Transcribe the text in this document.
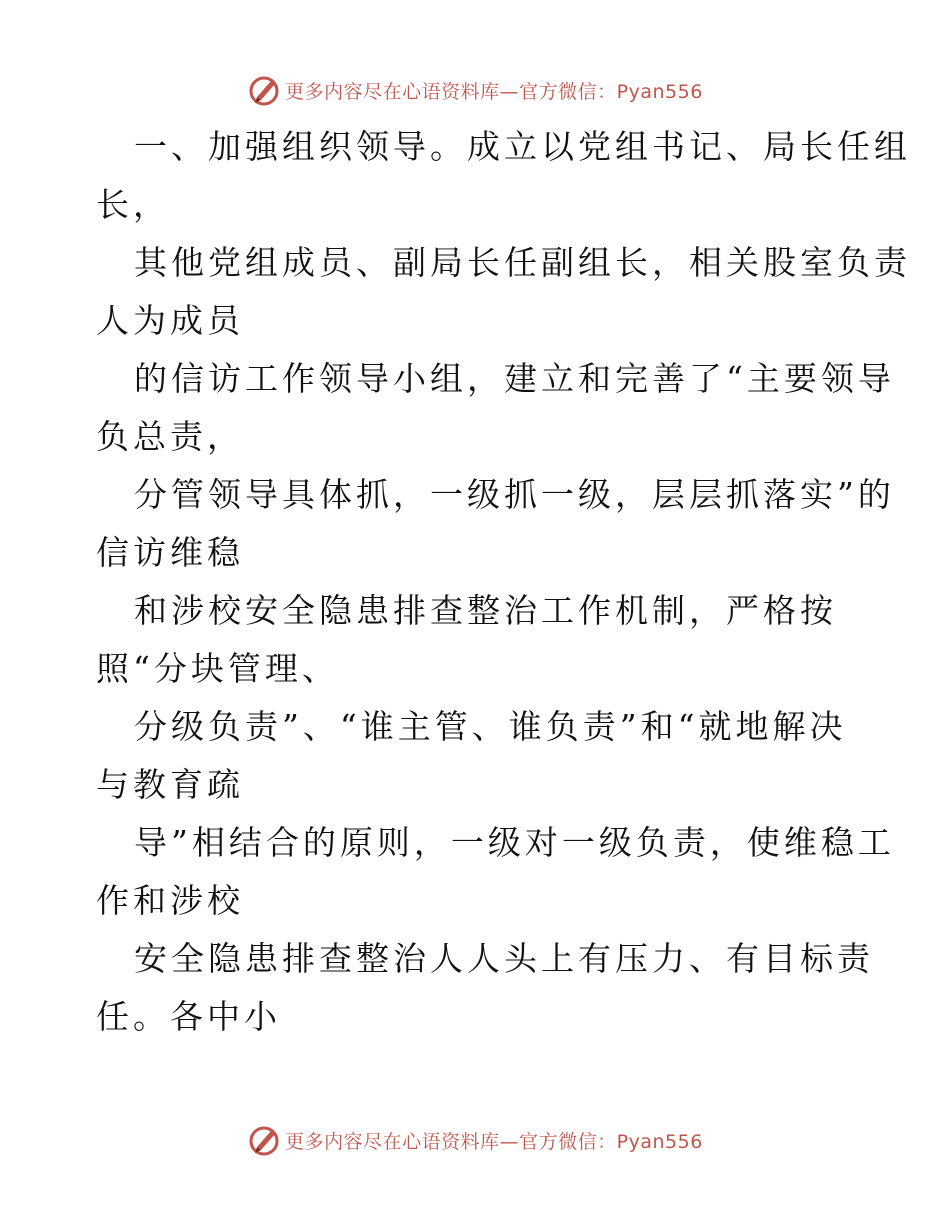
更多内容尽在心语资料库—官方微信：Pyan556
一、加强组织领导。成立以党组书记、局长任组
长，
其他党组成员、副局长任副组长，相关股室负责
人为成员
的信访工作领导小组，建立和完善了“主要领导
负总责，
分管领导具体抓，一级抓一级，层层抓落实”的
信访维稳
和涉校安全隐患排查整治工作机制，严格按
照“分块管理、
分级负责”、“谁主管、谁负责”和“就地解决
与教育疏
导”相结合的原则，一级对一级负责，使维稳工
作和涉校
安全隐患排查整治人人头上有压力、有目标责
任。各中小
更多内容尽在心语资料库—官方微信：Pyan556
